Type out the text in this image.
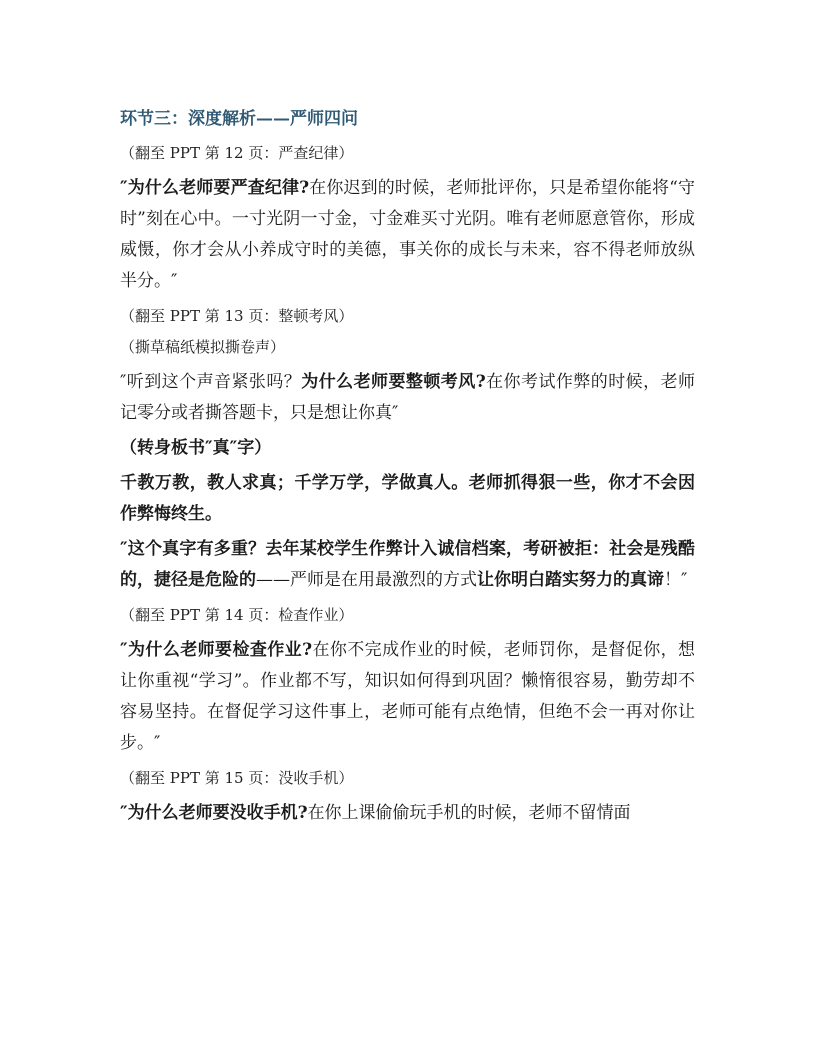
环节三：深度解析——严师四问

（翻至 PPT 第 12 页：严查纪律）

″为什么老师要严查纪律?在你迟到的时候，老师批评你，只是希望你能将“守时”刻在心中。一寸光阴一寸金，寸金难买寸光阴。唯有老师愿意管你，形成威慑，你才会从小养成守时的美德，事关你的成长与未来，容不得老师放纵半分。″

（翻至 PPT 第 13 页：整顿考风）

（撕草稿纸模拟撕卷声）

″听到这个声音紧张吗？为什么老师要整顿考风?在你考试作弊的时候，老师记零分或者撕答题卡，只是想让你真″

（转身板书″真″字）

千教万教，教人求真；千学万学，学做真人。老师抓得狠一些，你才不会因作弊悔终生。

″这个真字有多重？去年某校学生作弊计入诚信档案，考研被拒：社会是残酷的，捷径是危险的——严师是在用最激烈的方式让你明白踏实努力的真谛！″

（翻至 PPT 第 14 页：检查作业）

″为什么老师要检查作业?在你不完成作业的时候，老师罚你，是督促你，想让你重视“学习”。作业都不写，知识如何得到巩固？懒惰很容易，勤劳却不容易坚持。在督促学习这件事上，老师可能有点绝情，但绝不会一再对你让步。″

（翻至 PPT 第 15 页：没收手机）

″为什么老师要没收手机?在你上课偷偷玩手机的时候，老师不留情面
